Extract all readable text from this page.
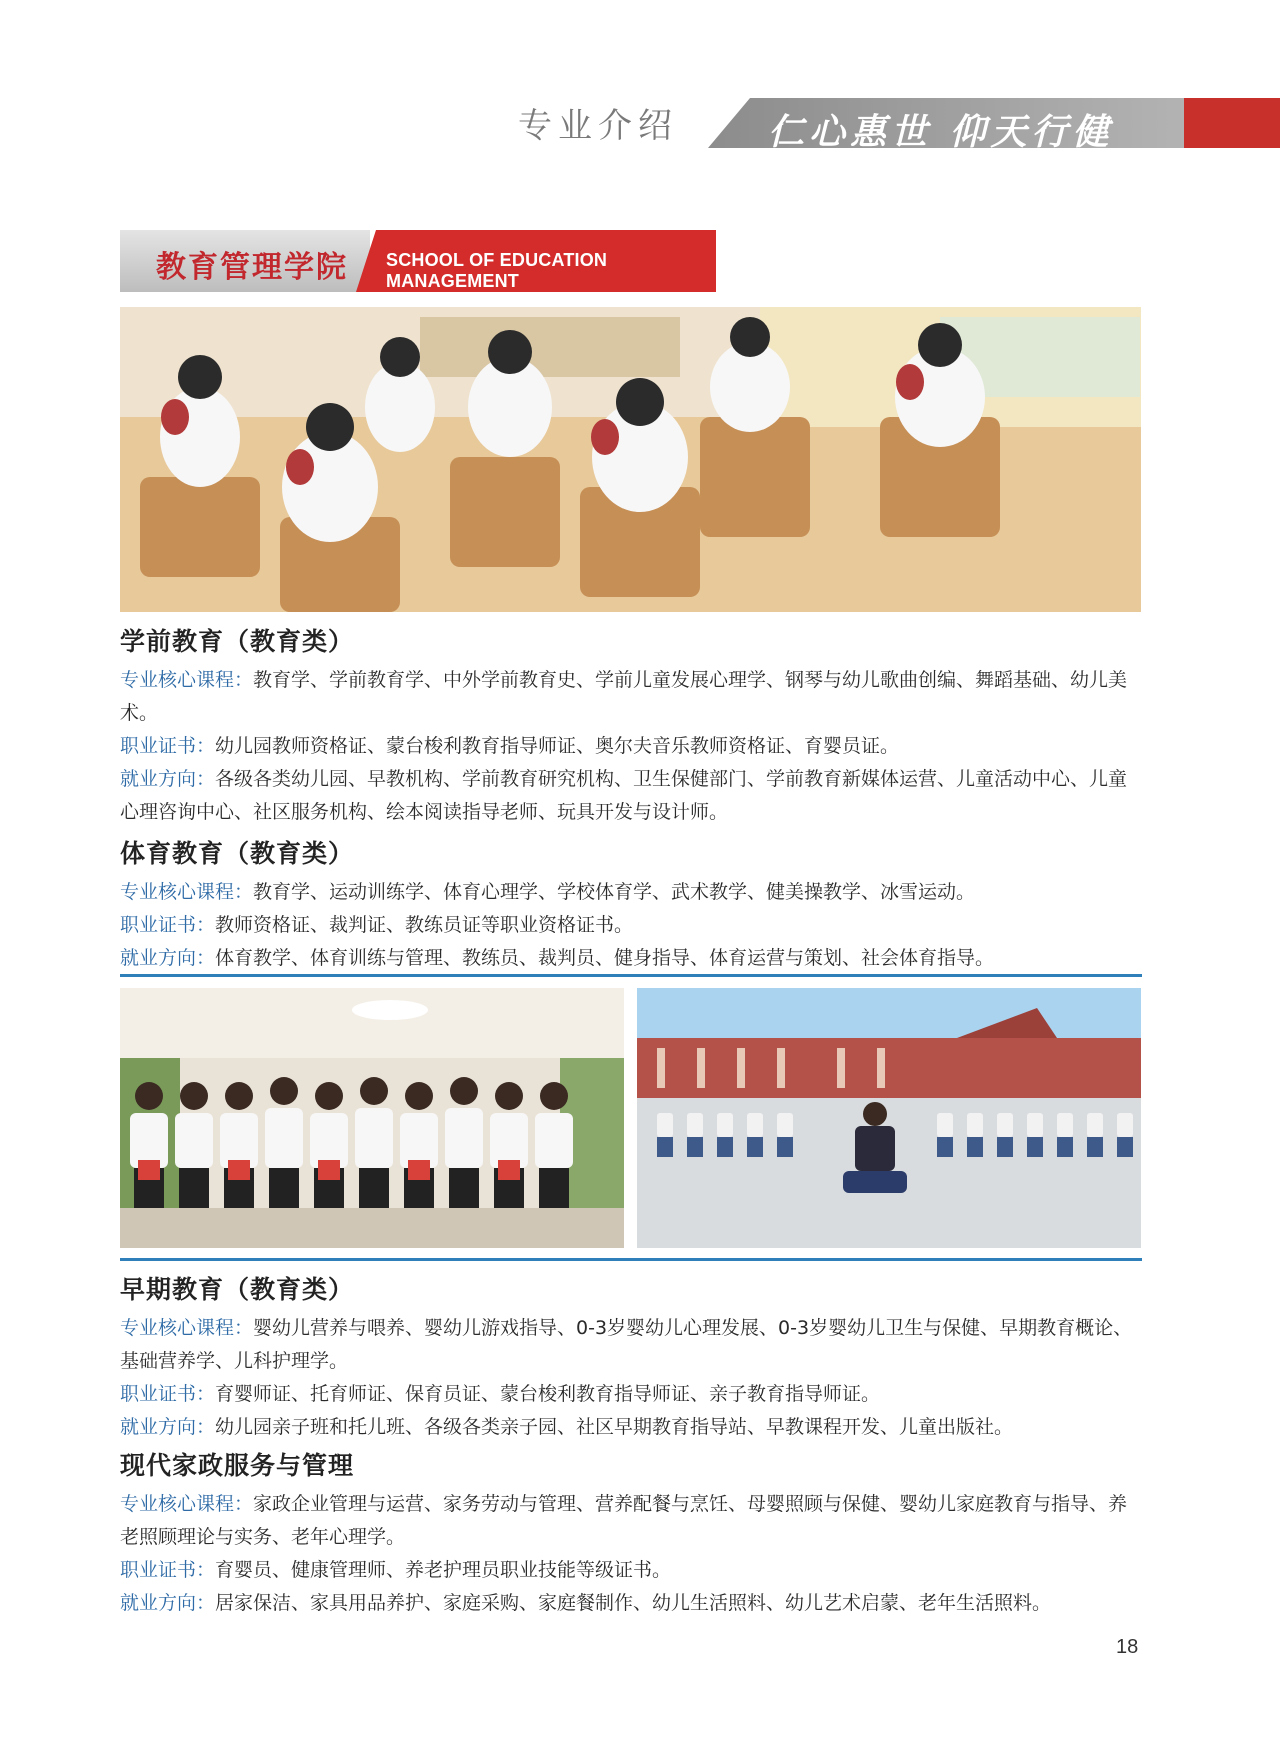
专业介绍	仁心惠世 仰天行健
教育管理学院 SCHOOL OF EDUCATION MANAGEMENT
学前教育（教育类）

专业核心课程：教育学、学前教育学、中外学前教育史、学前儿童发展心理学、钢琴与幼儿歌曲创编、舞蹈基础、幼儿美术。

职业证书：幼儿园教师资格证、蒙台梭利教育指导师证、奥尔夫音乐教师资格证、育婴员证。

就业方向：各级各类幼儿园、早教机构、学前教育研究机构、卫生保健部门、学前教育新媒体运营、儿童活动中心、儿童心理咨询中心、社区服务机构、绘本阅读指导老师、玩具开发与设计师。

体育教育（教育类）

专业核心课程：教育学、运动训练学、体育心理学、学校体育学、武术教学、健美操教学、冰雪运动。

职业证书：教师资格证、裁判证、教练员证等职业资格证书。

就业方向：体育教学、体育训练与管理、教练员、裁判员、健身指导、体育运营与策划、社会体育指导。

早期教育（教育类）

专业核心课程：婴幼儿营养与喂养、婴幼儿游戏指导、0-3岁婴幼儿心理发展、0-3岁婴幼儿卫生与保健、早期教育概论、基础营养学、儿科护理学。

职业证书：育婴师证、托育师证、保育员证、蒙台梭利教育指导师证、亲子教育指导师证。

就业方向：幼儿园亲子班和托儿班、各级各类亲子园、社区早期教育指导站、早教课程开发、儿童出版社。

现代家政服务与管理

专业核心课程：家政企业管理与运营、家务劳动与管理、营养配餐与烹饪、母婴照顾与保健、婴幼儿家庭教育与指导、养老照顾理论与实务、老年心理学。

职业证书：育婴员、健康管理师、养老护理员职业技能等级证书。

就业方向：居家保洁、家具用品养护、家庭采购、家庭餐制作、幼儿生活照料、幼儿艺术启蒙、老年生活照料。

18
